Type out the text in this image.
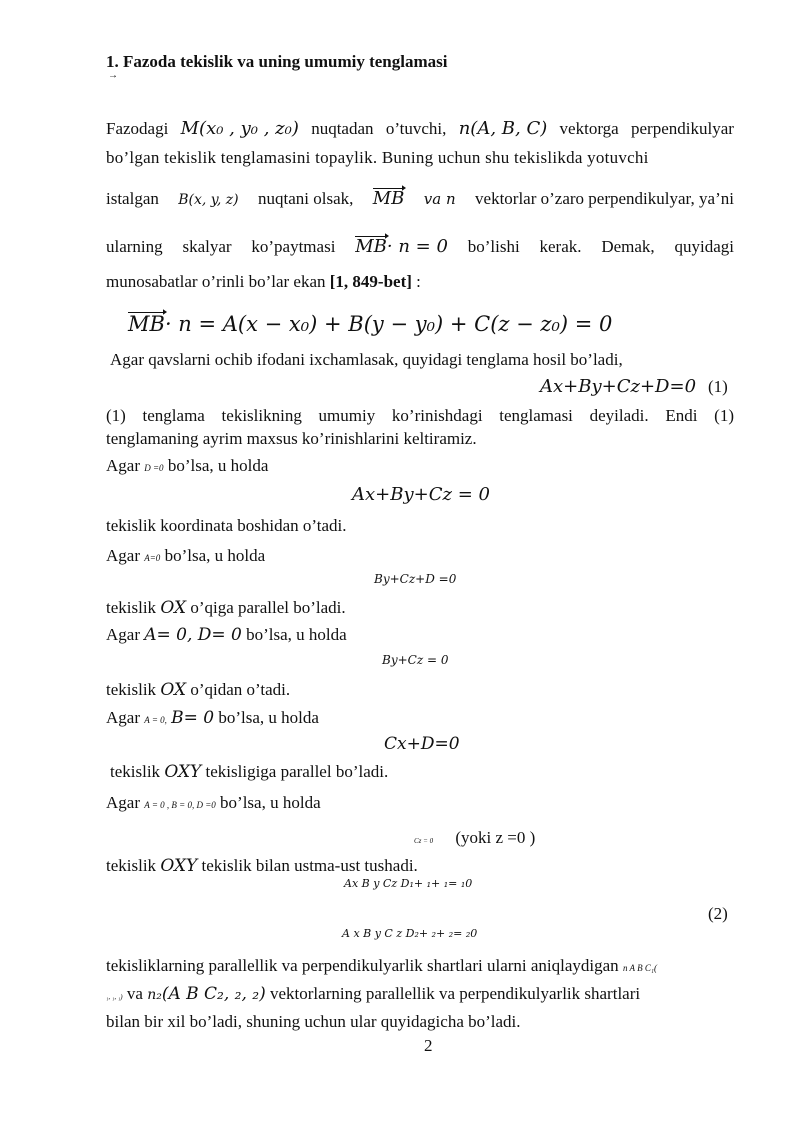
1. Fazoda tekislik va uning umumiy tenglamasi
→
Fazodagi M(x₀ , y₀ , z₀) nuqtadan o’tuvchi, n(A, B, C) vektorga perpendikulyar
bo’lgan tekislik tenglamasini topaylik. Buning uchun shu tekislikda yotuvchi
istalgan B(x, y, z) nuqtani olsak, MB va n vektorlar o’zaro perpendikulyar, ya’ni
ularning skalyar ko’paytmasi MB· n = 0 bo’lishi kerak. Demak, quyidagi
munosabatlar o’rinli bo’lar ekan [1, 849-bet] :
MB· n = A(x − x₀) + B(y − y₀) + C(z − z₀) = 0
Agar qavslarni ochib ifodani ixchamlasak, quyidagi tenglama hosil bo’ladi,
Ax+By+Cz+D=0 (1)
(1) tenglama tekislikning umumiy ko’rinishdagi tenglamasi deyiladi. Endi (1)
tenglamaning ayrim maxsus ko’rinishlarini keltiramiz.
Agar D =0 bo’lsa, u holda
Ax+By+Cz = 0
tekislik koordinata boshidan o’tadi.
Agar A=0 bo’lsa, u holda
By+Cz+D =0
tekislik OX o’qiga parallel bo’ladi.
Agar A= 0, D= 0 bo’lsa, u holda
By+Cz = 0
tekislik OX o’qidan o’tadi.
Agar A = 0, B= 0 bo’lsa, u holda
Cx+D=0
tekislik OXY tekisligiga parallel bo’ladi.
Agar A = 0 , B = 0, D =0 bo’lsa, u holda
Cz = 0 (yoki z =0 )
tekislik OXY tekislik bilan ustma-ust tushadi.
Ax B y Cz D₁+ ₁+ ₁= ₁0
(2)
A x B y C z D₂+ ₂+ ₂= ₂0
tekisliklarning parallellik va perpendikulyarlik shartlari ularni aniqlaydigan n A B C₁(
₁, ₁, ₁) va n₂(A B C₂, ₂, ₂) vektorlarning parallellik va perpendikulyarlik shartlari
bilan bir xil bo’ladi, shuning uchun ular quyidagicha bo’ladi.
2
